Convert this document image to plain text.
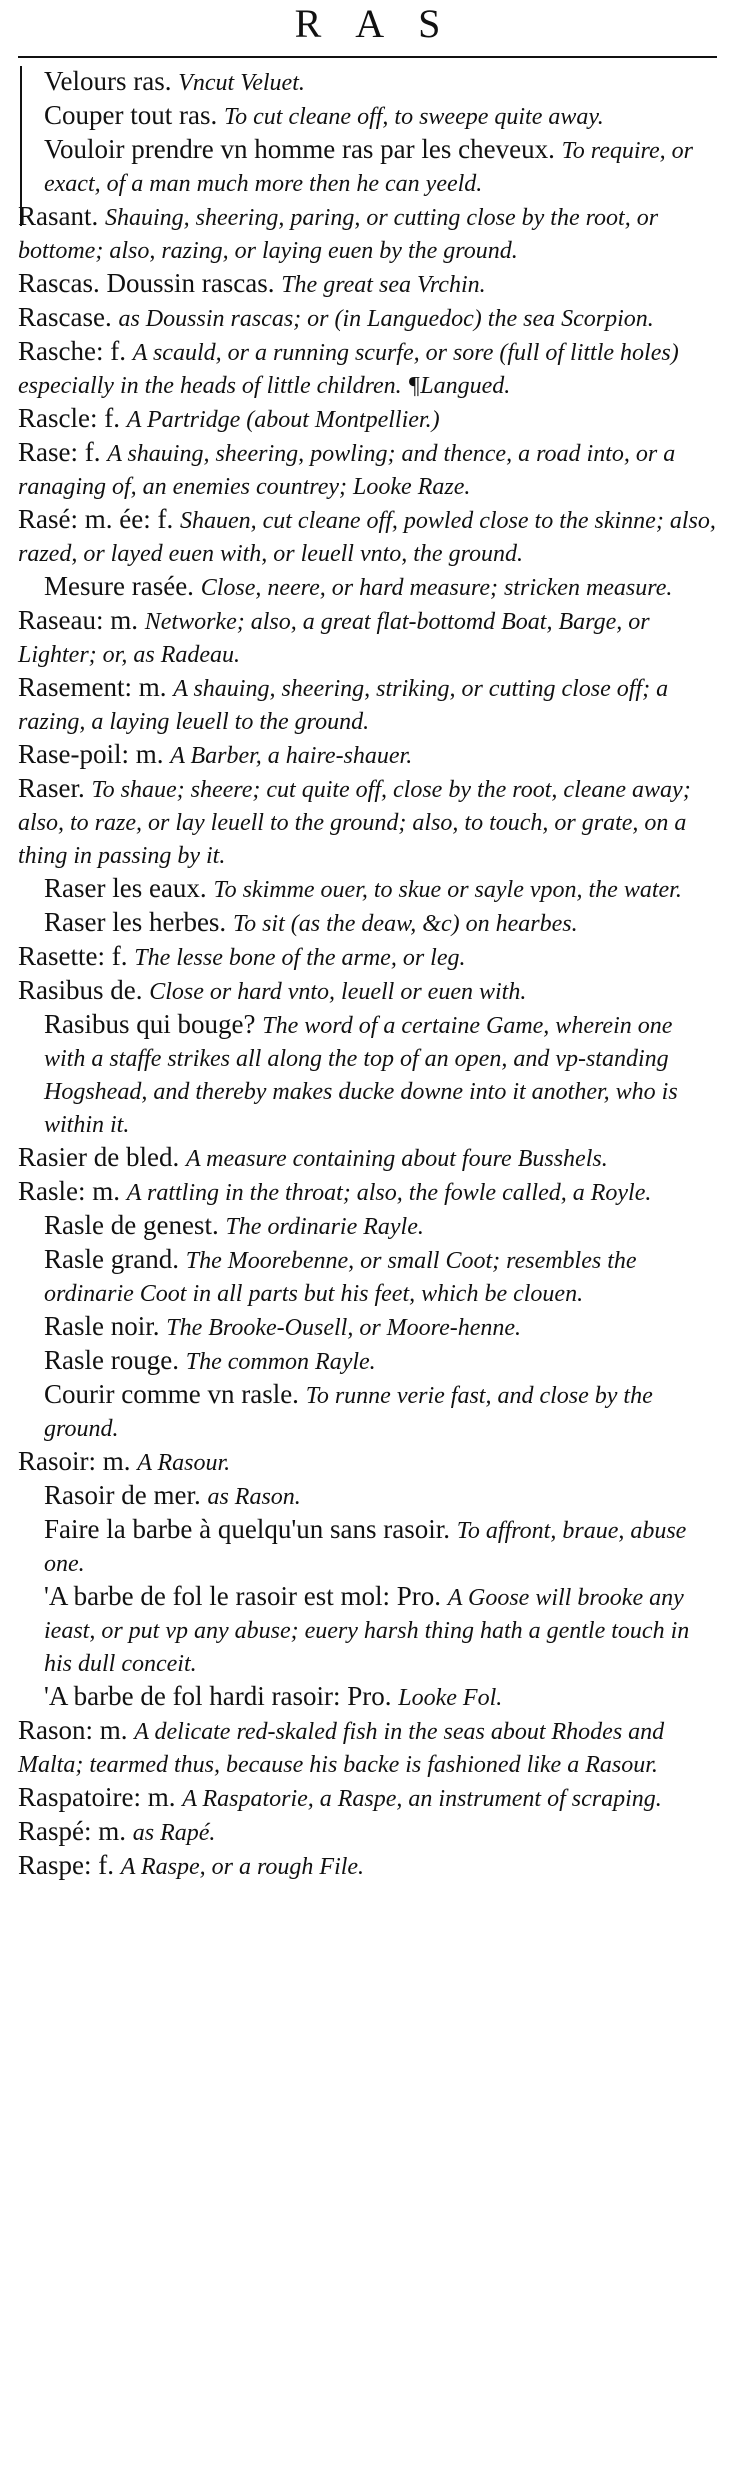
RAS

Velours ras. Vncut Veluet.

Couper tout ras. To cut cleane off, to sweepe quite away.

Vouloir prendre vn homme ras par les cheveux. To require, or exact, of a man much more then he can yeeld.

Rasant. Shauing, sheering, paring, or cutting close by the root, or bottome; also, razing, or laying euen by the ground.

Rascas. Doussin rascas. The great sea Vrchin.

Rascase. as Doussin rascas; or (in Languedoc) the sea Scorpion.

Rasche: f. A scauld, or a running scurfe, or sore (full of little holes) especially in the heads of little children. ¶Langued.

Rascle: f. A Partridge (about Montpellier.)

Rase: f. A shauing, sheering, powling; and thence, a road into, or a ranaging of, an enemies countrey; Looke Raze.

Rasé: m. ée: f. Shauen, cut cleane off, powled close to the skinne; also, razed, or layed euen with, or leuell vnto, the ground.

Mesure rasée. Close, neere, or hard measure; stricken measure.

Raseau: m. Networke; also, a great flat-bottomd Boat, Barge, or Lighter; or, as Radeau.

Rasement: m. A shauing, sheering, striking, or cutting close off; a razing, a laying leuell to the ground.

Rase-poil: m. A Barber, a haire-shauer.

Raser. To shaue; sheere; cut quite off, close by the root, cleane away; also, to raze, or lay leuell to the ground; also, to touch, or grate, on a thing in passing by it.

Raser les eaux. To skimme ouer, to skue or sayle vpon, the water.

Raser les herbes. To sit (as the deaw, &c) on hearbes.

Rasette: f. The lesse bone of the arme, or leg.

Rasibus de. Close or hard vnto, leuell or euen with.

Rasibus qui bouge? The word of a certaine Game, wherein one with a staffe strikes all along the top of an open, and vp-standing Hogshead, and thereby makes ducke downe into it another, who is within it.

Rasier de bled. A measure containing about foure Busshels.

Rasle: m. A rattling in the throat; also, the fowle called, a Royle.

Rasle de genest. The ordinarie Rayle.

Rasle grand. The Moorebenne, or small Coot; resembles the ordinarie Coot in all parts but his feet, which be clouen.

Rasle noir. The Brooke-Ousell, or Moore-henne.

Rasle rouge. The common Rayle.

Courir comme vn rasle. To runne verie fast, and close by the ground.

Rasoir: m. A Rasour.

Rasoir de mer. as Rason.

Faire la barbe à quelqu'un sans rasoir. To affront, braue, abuse one.

'A barbe de fol le rasoir est mol: Pro. A Goose will brooke any ieast, or put vp any abuse; euery harsh thing hath a gentle touch in his dull conceit.

'A barbe de fol hardi rasoir: Pro. Looke Fol.

Rason: m. A delicate red-skaled fish in the seas about Rhodes and Malta; tearmed thus, because his backe is fashioned like a Rasour.

Raspatoire: m. A Raspatorie, a Raspe, an instrument of scraping.

Raspé: m. as Rapé.

Raspe: f. A Raspe, or a rough File.
